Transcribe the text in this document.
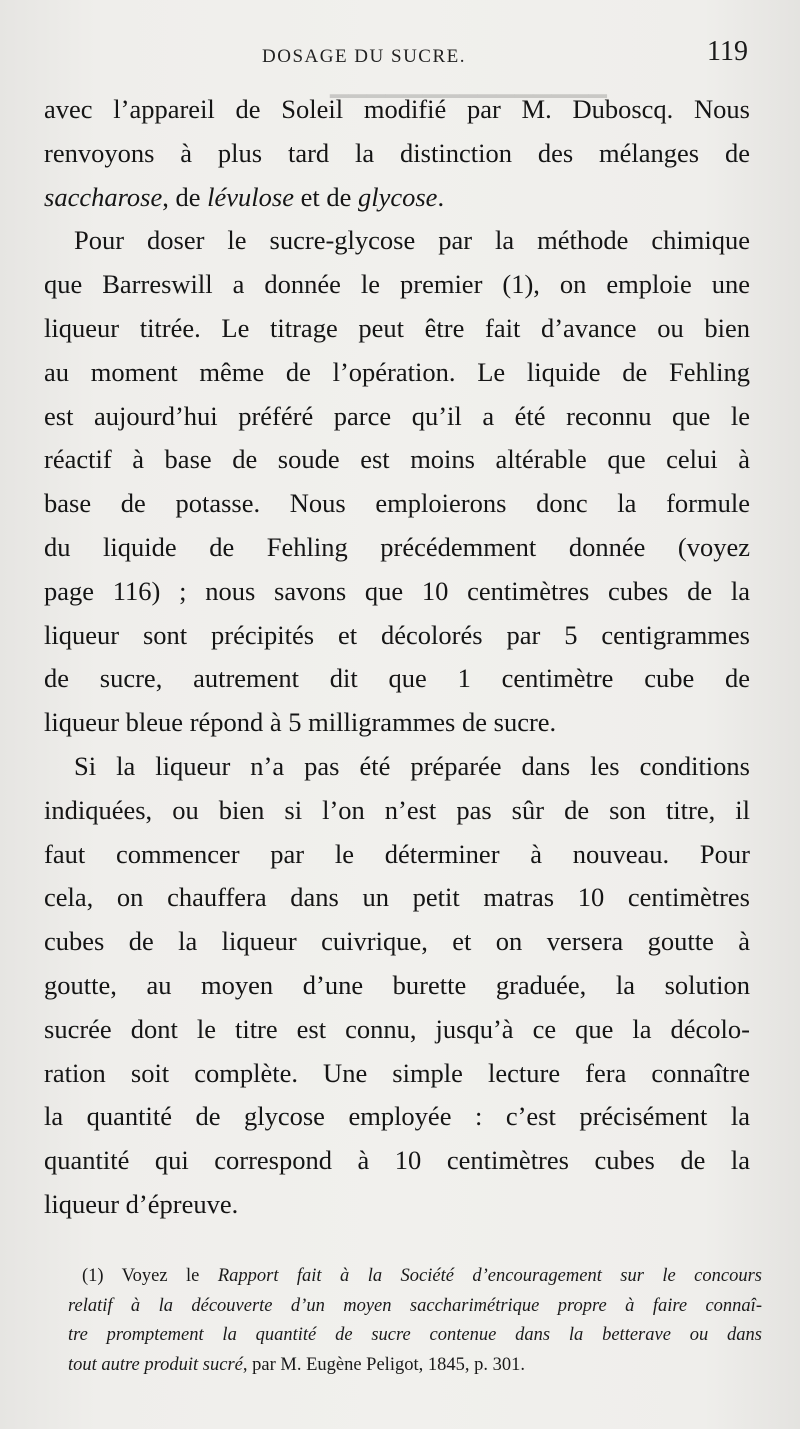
▁▁▁▁▁▁▁▁▁▁▁▁▁▁▁
DOSAGE DU SUCRE.	119
avec l’appareil de Soleil modifié par M. Duboscq. Nous
renvoyons à plus tard la distinction des mélanges de
saccharose, de lévulose et de glycose.
Pour doser le sucre-glycose par la méthode chimique
que Barreswill a donnée le premier (1), on emploie une
liqueur titrée. Le titrage peut être fait d’avance ou bien
au moment même de l’opération. Le liquide de Fehling
est aujourd’hui préféré parce qu’il a été reconnu que le
réactif à base de soude est moins altérable que celui à
base de potasse. Nous emploierons donc la formule
du liquide de Fehling précédemment donnée (voyez
page 116) ; nous savons que 10 centimètres cubes de la
liqueur sont précipités et décolorés par 5 centigrammes
de sucre, autrement dit que 1 centimètre cube de
liqueur bleue répond à 5 milligrammes de sucre.
Si la liqueur n’a pas été préparée dans les conditions
indiquées, ou bien si l’on n’est pas sûr de son titre, il
faut commencer par le déterminer à nouveau. Pour
cela, on chauffera dans un petit matras 10 centimètres
cubes de la liqueur cuivrique, et on versera goutte à
goutte, au moyen d’une burette graduée, la solution
sucrée dont le titre est connu, jusqu’à ce que la décolo-
ration soit complète. Une simple lecture fera connaître
la quantité de glycose employée : c’est précisément la
quantité qui correspond à 10 centimètres cubes de la
liqueur d’épreuve.
(1) Voyez le Rapport fait à la Société d’encouragement sur le concours
relatif à la découverte d’un moyen saccharimétrique propre à faire connaî-
tre promptement la quantité de sucre contenue dans la betterave ou dans
tout autre produit sucré, par M. Eugène Peligot, 1845, p. 301.
